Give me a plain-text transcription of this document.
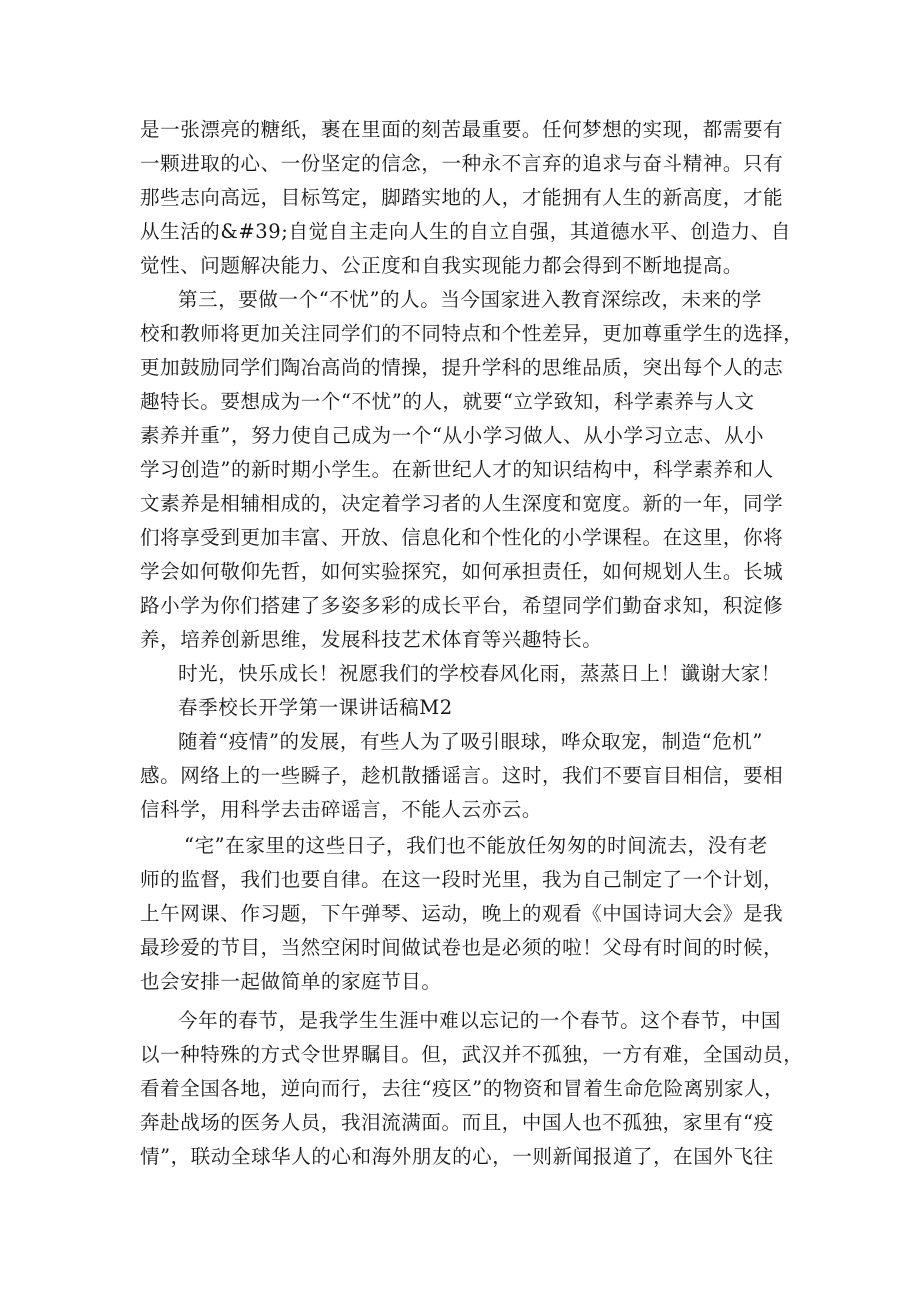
是一张漂亮的糖纸，裹在里面的刻苦最重要。任何梦想的实现，都需要有
一颗进取的心、一份坚定的信念，一种永不言弃的追求与奋斗精神。只有
那些志向高远，目标笃定，脚踏实地的人，才能拥有人生的新高度，才能
从生活的&#39;自觉自主走向人生的自立自强，其道德水平、创造力、自
觉性、问题解决能力、公正度和自我实现能力都会得到不断地提高。
第三，要做一个“不忧”的人。当今国家进入教育深综改，未来的学
校和教师将更加关注同学们的不同特点和个性差异，更加尊重学生的选择，
更加鼓励同学们陶冶高尚的情操，提升学科的思维品质，突出每个人的志
趣特长。要想成为一个“不忧”的人，就要“立学致知，科学素养与人文
素养并重”，努力使自己成为一个“从小学习做人、从小学习立志、从小
学习创造”的新时期小学生。在新世纪人才的知识结构中，科学素养和人
文素养是相辅相成的，决定着学习者的人生深度和宽度。新的一年，同学
们将享受到更加丰富、开放、信息化和个性化的小学课程。在这里，你将
学会如何敬仰先哲，如何实验探究，如何承担责任，如何规划人生。长城
路小学为你们搭建了多姿多彩的成长平台，希望同学们勤奋求知，积淀修
养，培养创新思维，发展科技艺术体育等兴趣特长。
时光，快乐成长！祝愿我们的学校春风化雨，蒸蒸日上！谶谢大家！
春季校长开学第一课讲话稿M2
随着“疫情”的发展，有些人为了吸引眼球，哗众取宠，制造“危机”
感。网络上的一些瞬子，趁机散播谣言。这时，我们不要盲目相信，要相
信科学，用科学去击碎谣言，不能人云亦云。
“宅”在家里的这些日子，我们也不能放任匆匆的时间流去，没有老
师的监督，我们也要自律。在这一段时光里，我为自己制定了一个计划，
上午网课、作习题，下午弹琴、运动，晚上的观看《中国诗词大会》是我
最珍爱的节目，当然空闲时间做试卷也是必须的啦！父母有时间的时候，
也会安排一起做简单的家庭节目。
今年的春节，是我学生生涯中难以忘记的一个春节。这个春节，中国
以一种特殊的方式令世界瞩目。但，武汉并不孤独，一方有难，全国动员，
看着全国各地，逆向而行，去往“疫区”的物资和冒着生命危险离别家人，
奔赴战场的医务人员，我泪流满面。而且，中国人也不孤独，家里有“疫
情”，联动全球华人的心和海外朋友的心，一则新闻报道了，在国外飞往
